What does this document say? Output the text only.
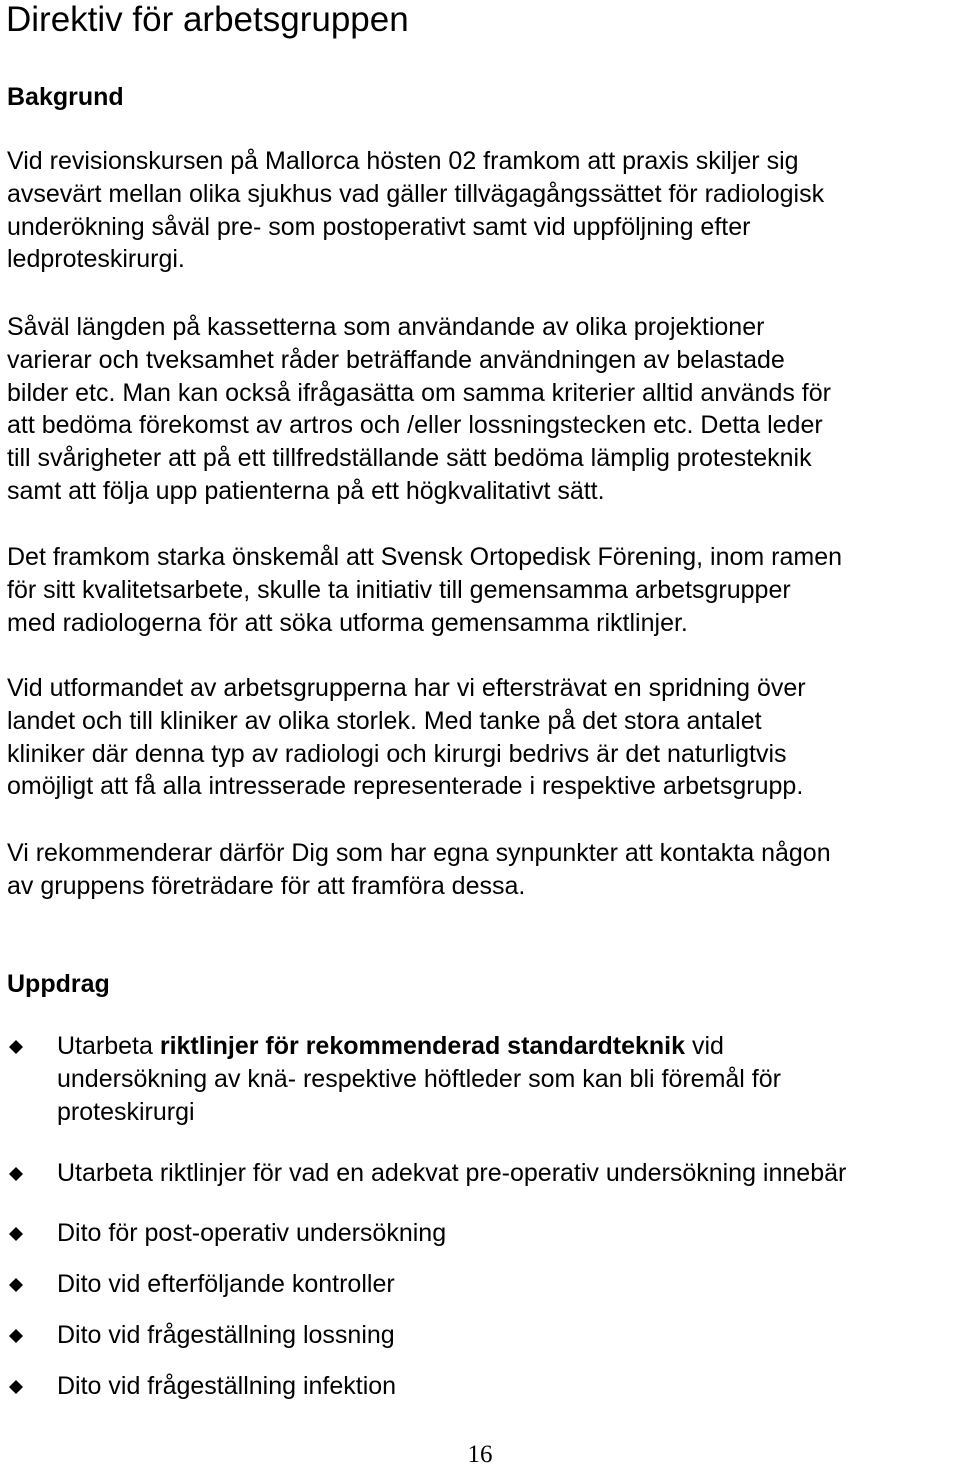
Direktiv för arbetsgruppen
Bakgrund

Vid revisionskursen på Mallorca hösten 02 framkom att praxis skiljer sig
avsevärt mellan olika sjukhus vad gäller tillvägagångssättet för radiologisk
underökning såväl pre- som postoperativt samt vid uppföljning efter
ledproteskirurgi.

Såväl längden på kassetterna som användande av olika projektioner
varierar och tveksamhet råder beträffande användningen av belastade
bilder etc. Man kan också ifrågasätta om samma kriterier alltid används för
att bedöma förekomst av artros och /eller lossningstecken etc. Detta leder
till svårigheter att på ett tillfredställande sätt bedöma lämplig protesteknik
samt att följa upp patienterna på ett högkvalitativt sätt.

Det framkom starka önskemål att Svensk Ortopedisk Förening, inom ramen
för sitt kvalitetsarbete, skulle ta initiativ till gemensamma arbetsgrupper
med radiologerna för att söka utforma gemensamma riktlinjer.

Vid utformandet av arbetsgrupperna har vi eftersträvat en spridning över
landet och till kliniker av olika storlek. Med tanke på det stora antalet
kliniker där denna typ av radiologi och kirurgi bedrivs är det naturligtvis
omöjligt att få alla intresserade representerade i respektive arbetsgrupp.

Vi rekommenderar därför Dig som har egna synpunkter att kontakta någon
av gruppens företrädare för att framföra dessa.

Uppdrag
Utarbeta riktlinjer för rekommenderad standardteknik vid
undersökning av knä- respektive höftleder som kan bli föremål för
proteskirurgi
Utarbeta riktlinjer för vad en adekvat pre-operativ undersökning innebär
Dito för post-operativ undersökning
Dito vid efterföljande kontroller
Dito vid frågeställning lossning
Dito vid frågeställning infektion

16
